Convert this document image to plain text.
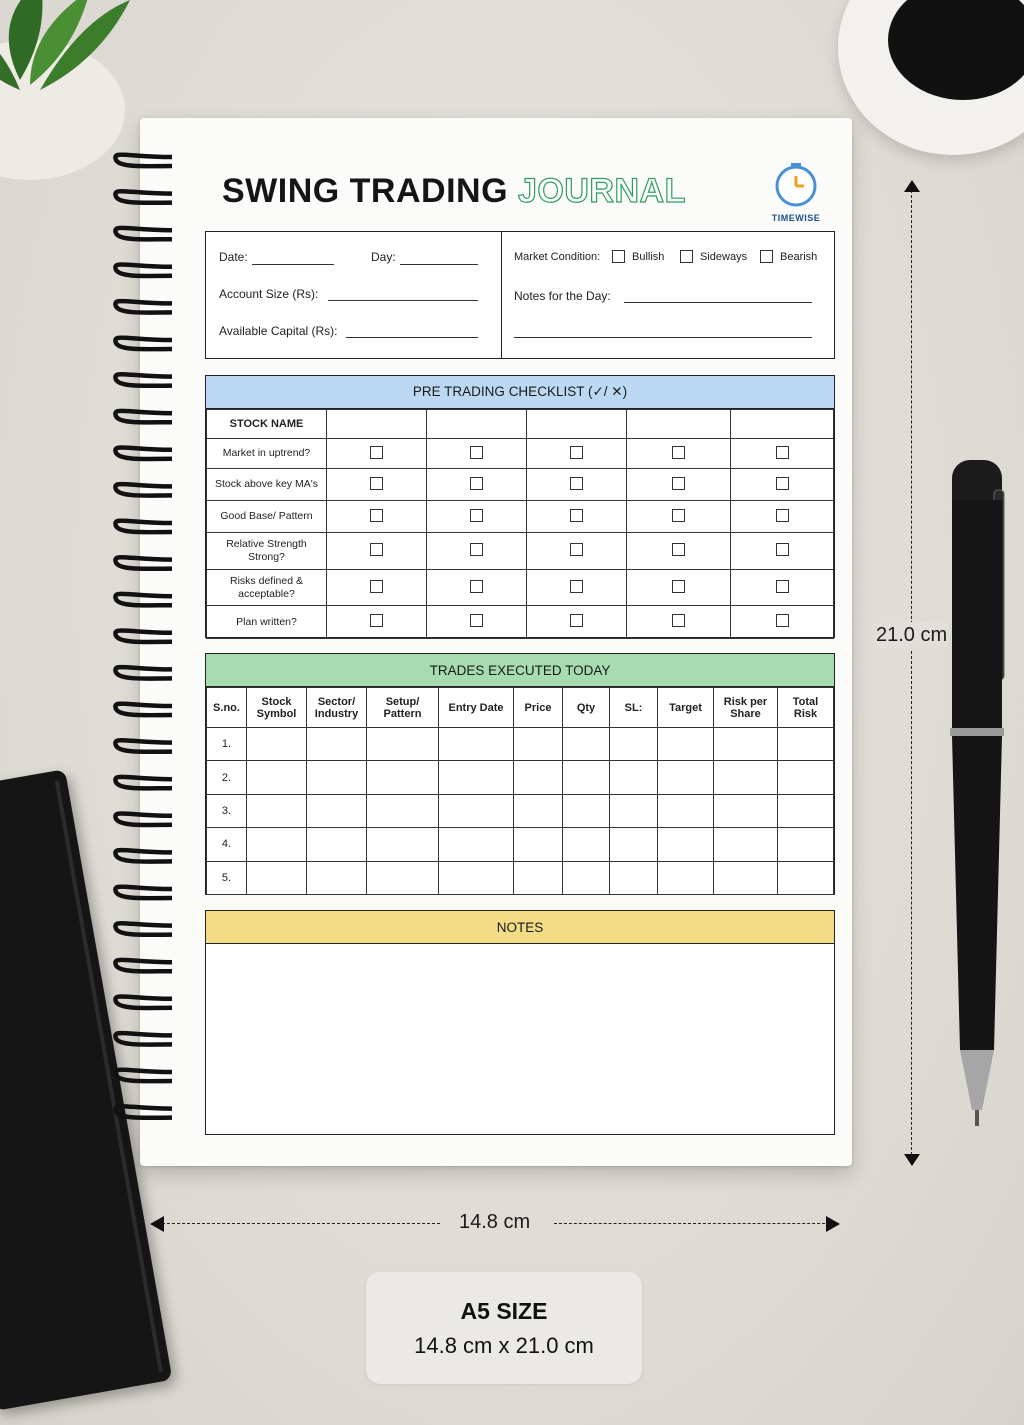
SWING TRADING JOURNAL
TIMEWISE
Date:	Day:
Account Size (Rs):
Available Capital (Rs):
Market Condition:	Bullish	Sideways	Bearish
Notes for the Day:
PRE TRADING CHECKLIST (✓/ ✕)
STOCK NAME					
Market in uptrend?					
Stock above key MA's					
Good Base/ Pattern					
Relative Strength Strong?					
Risks defined & acceptable?					
Plan written?					
TRADES EXECUTED TODAY
S.no.	Stock Symbol	Sector/ Industry	Setup/ Pattern	Entry Date	Price	Qty	SL:	Target	Risk per Share	Total Risk
1.										
2.										
3.										
4.										
5.										
NOTES
21.0 cm
14.8 cm
A5 SIZE
14.8 cm x 21.0 cm
